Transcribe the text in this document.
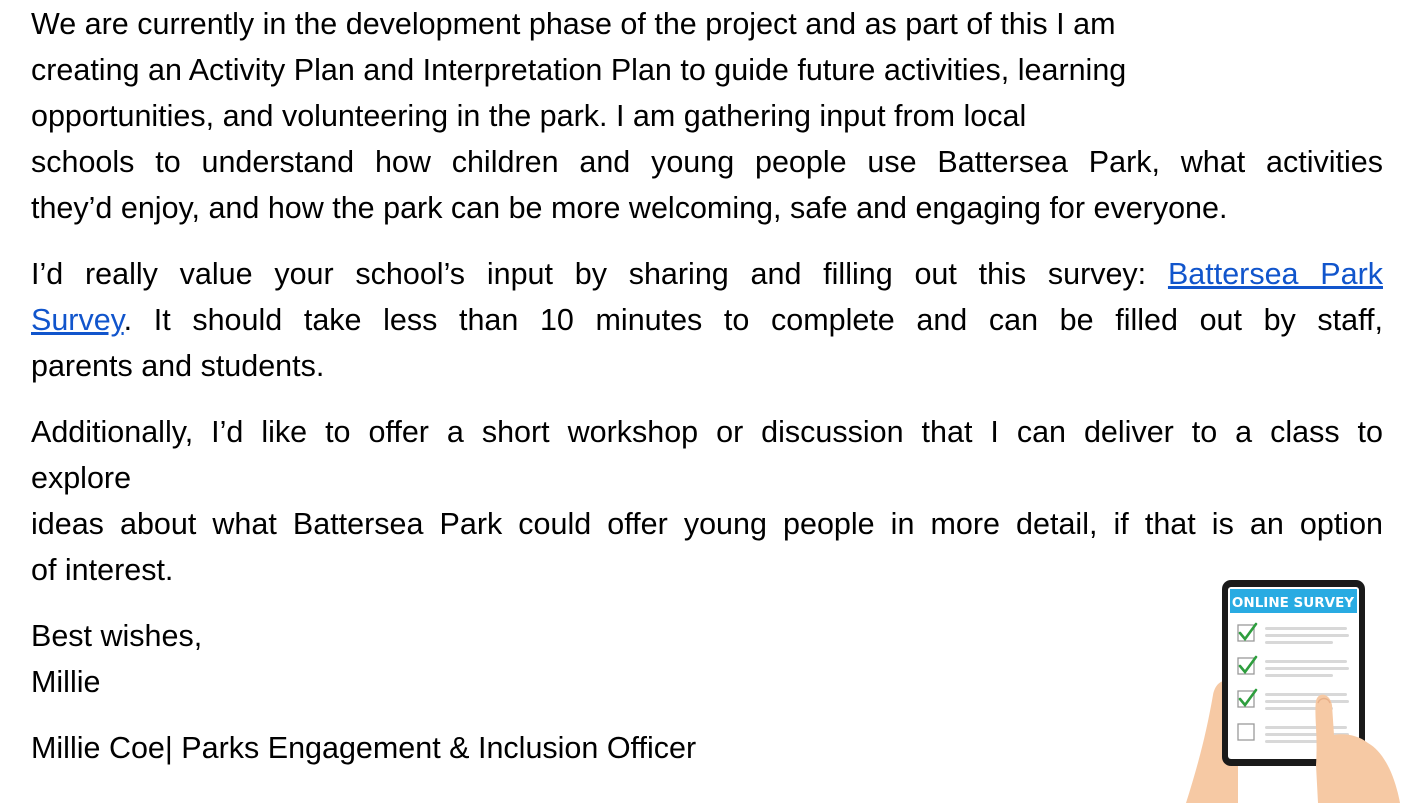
We are currently in the development phase of the project and as part of this I am
creating an Activity Plan and Interpretation Plan to guide future activities, learning
opportunities, and volunteering in the park. I am gathering input from local
schools to understand how children and young people use Battersea Park, what activities
they’d enjoy, and how the park can be more welcoming, safe and engaging for everyone.
I’d really value your school’s input by sharing and filling out this survey: Battersea Park
Survey. It should take less than 10 minutes to complete and can be filled out by staff,
parents and students.
Additionally, I’d like to offer a short workshop or discussion that I can deliver to a class to
explore
ideas about what Battersea Park could offer young people in more detail, if that is an option
of interest.
Best wishes,
Millie
Millie Coe| Parks Engagement & Inclusion Officer
ONLINE SURVEY
